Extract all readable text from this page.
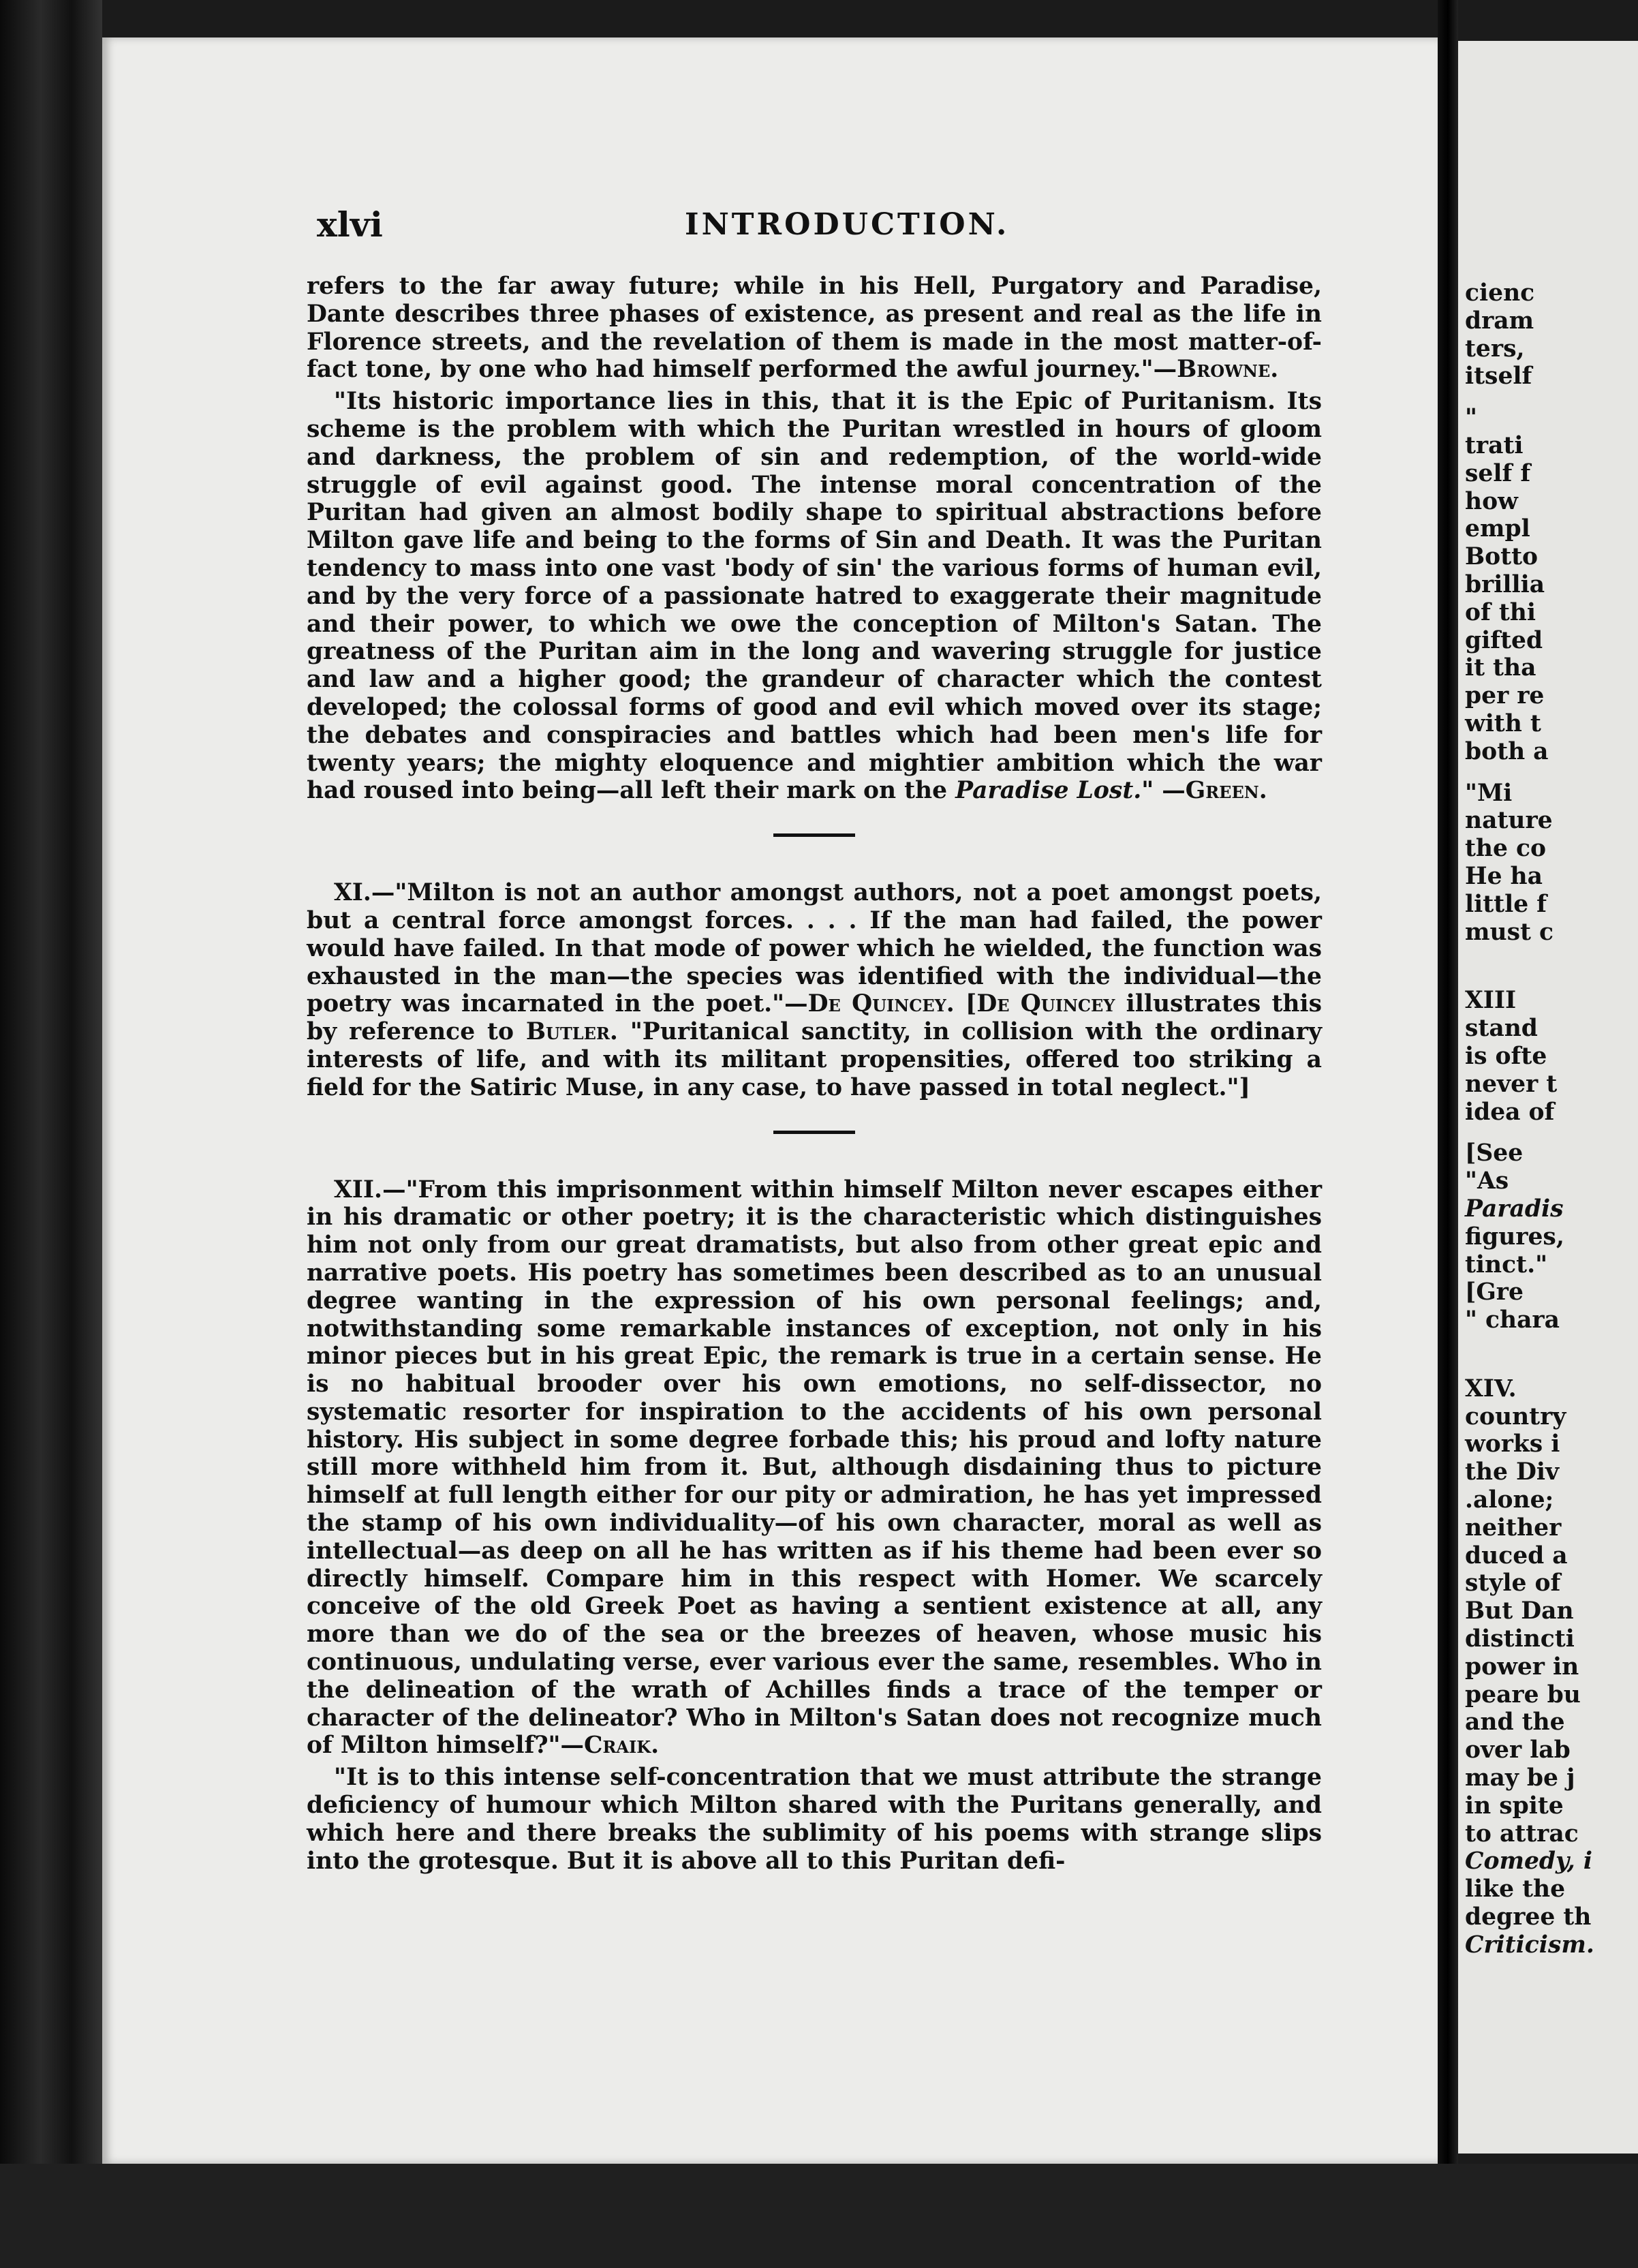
xlvi	INTRODUCTION.

refers to the far away future; while in his Hell, Purgatory and Paradise, Dante describes three phases of existence, as present and real as the life in Florence streets, and the revelation of them is made in the most matter-of-fact tone, by one who had himself performed the awful journey."—Browne.

"Its historic importance lies in this, that it is the Epic of Puritanism. Its scheme is the problem with which the Puritan wrestled in hours of gloom and darkness, the problem of sin and redemption, of the world-wide struggle of evil against good. The intense moral concentration of the Puritan had given an almost bodily shape to spiritual abstractions before Milton gave life and being to the forms of Sin and Death. It was the Puritan tendency to mass into one vast 'body of sin' the various forms of human evil, and by the very force of a passionate hatred to exaggerate their magnitude and their power, to which we owe the conception of Milton's Satan. The greatness of the Puritan aim in the long and wavering struggle for justice and law and a higher good; the grandeur of character which the contest developed; the colossal forms of good and evil which moved over its stage; the debates and conspiracies and battles which had been men's life for twenty years; the mighty eloquence and mightier ambition which the war had roused into being—all left their mark on the Paradise Lost." —Green.

XI.—"Milton is not an author amongst authors, not a poet amongst poets, but a central force amongst forces. . . . If the man had failed, the power would have failed. In that mode of power which he wielded, the function was exhausted in the man—the species was identified with the individual—the poetry was incarnated in the poet."—De Quincey. [De Quincey illustrates this by reference to Butler. "Puritanical sanctity, in collision with the ordinary interests of life, and with its militant propensities, offered too striking a field for the Satiric Muse, in any case, to have passed in total neglect."]

XII.—"From this imprisonment within himself Milton never escapes either in his dramatic or other poetry; it is the characteristic which distinguishes him not only from our great dramatists, but also from other great epic and narrative poets. His poetry has sometimes been described as to an unusual degree wanting in the expression of his own personal feelings; and, notwithstanding some remarkable instances of exception, not only in his minor pieces but in his great Epic, the remark is true in a certain sense. He is no habitual brooder over his own emotions, no self-dissector, no systematic resorter for inspiration to the accidents of his own personal history. His subject in some degree forbade this; his proud and lofty nature still more withheld him from it. But, although disdaining thus to picture himself at full length either for our pity or admiration, he has yet impressed the stamp of his own individuality—of his own character, moral as well as intellectual—as deep on all he has written as if his theme had been ever so directly himself. Compare him in this respect with Homer. We scarcely conceive of the old Greek Poet as having a sentient existence at all, any more than we do of the sea or the breezes of heaven, whose music his continuous, undulating verse, ever various ever the same, resembles. Who in the delineation of the wrath of Achilles finds a trace of the temper or character of the delineator? Who in Milton's Satan does not recognize much of Milton himself?"—Craik.

"It is to this intense self-concentration that we must attribute the strange deficiency of humour which Milton shared with the Puritans generally, and which here and there breaks the sublimity of his poems with strange slips into the grotesque. But it is above all to this Puritan defi-

cienc
dram
ters,
itself
"
trati
self f
how
empl
Botto
brillia
of thi
gifted
it tha
per re
with t
both a
"Mi
nature
the co
He ha
little f
must c
XIII
stand
is ofte
never t
idea of
[See
"As
Paradis
figures,
tinct."
[Gre
" chara
XIV.
country
works i
the Div
.alone;
neither
duced a
style of
But Dan
distincti
power in
peare bu
and the
over lab
may be j
in spite
to attrac
Comedy, i
like the
degree th
Criticism.
